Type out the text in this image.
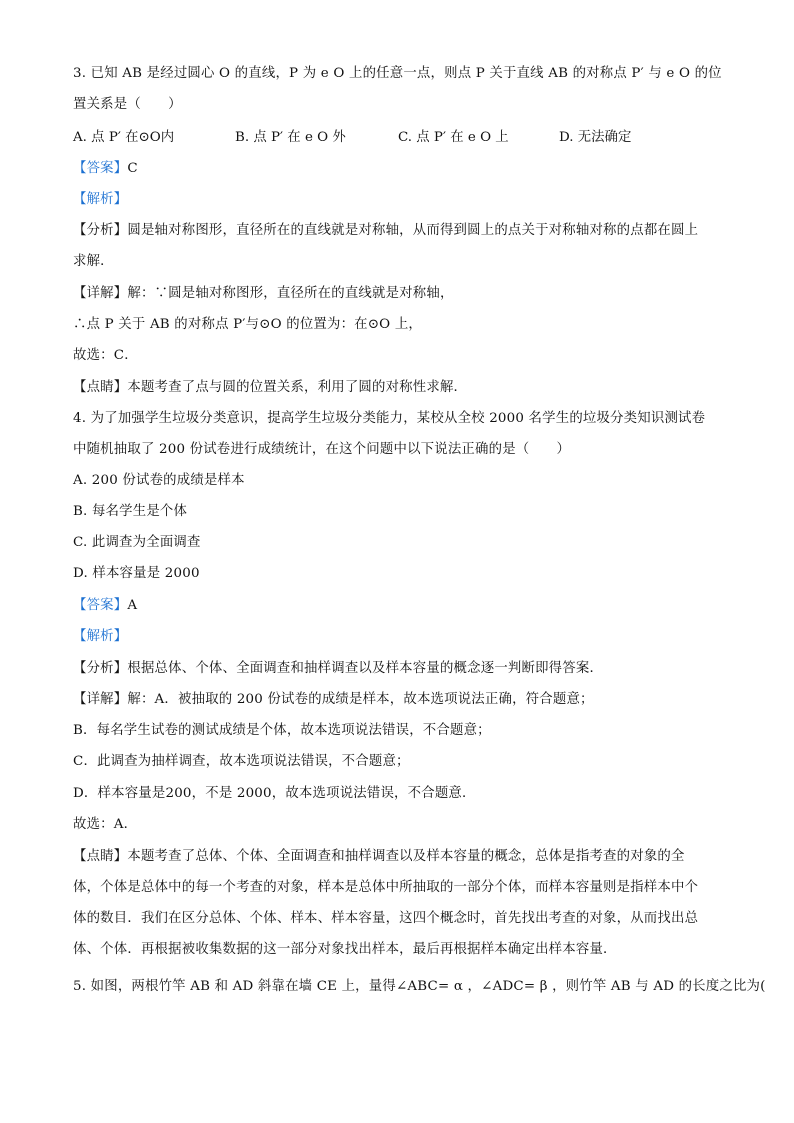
3. 已知 AB 是经过圆心 O 的直线，P 为 e O 上的任意一点，则点 P 关于直线 AB 的对称点 P′ 与 e O 的位
置关系是（　　）
A. 点 P′ 在⊙O内	B. 点 P′ 在 e O 外	C. 点 P′ 在 e O 上	D. 无法确定
【答案】C
【解析】
【分析】圆是轴对称图形，直径所在的直线就是对称轴，从而得到圆上的点关于对称轴对称的点都在圆上
求解．
【详解】解：∵圆是轴对称图形，直径所在的直线就是对称轴，
∴点 P 关于 AB 的对称点 P′与⊙O 的位置为：在⊙O 上，
故选：C．
【点睛】本题考查了点与圆的位置关系，利用了圆的对称性求解．
4. 为了加强学生垃圾分类意识，提高学生垃圾分类能力，某校从全校 2000 名学生的垃圾分类知识测试卷
中随机抽取了 200 份试卷进行成绩统计，在这个问题中以下说法正确的是（　　）
A. 200 份试卷的成绩是样本
B. 每名学生是个体
C. 此调查为全面调查
D. 样本容量是 2000
【答案】A
【解析】
【分析】根据总体、个体、全面调查和抽样调查以及样本容量的概念逐一判断即得答案．
【详解】解：A．被抽取的 200 份试卷的成绩是样本，故本选项说法正确，符合题意；
B．每名学生试卷的测试成绩是个体，故本选项说法错误，不合题意；
C．此调查为抽样调查，故本选项说法错误，不合题意；
D．样本容量是200，不是 2000，故本选项说法错误，不合题意．
故选：A．
【点睛】本题考查了总体、个体、全面调查和抽样调查以及样本容量的概念，总体是指考查的对象的全
体，个体是总体中的每一个考查的对象，样本是总体中所抽取的一部分个体，而样本容量则是指样本中个
体的数目．我们在区分总体、个体、样本、样本容量，这四个概念时，首先找出考查的对象，从而找出总
体、个体．再根据被收集数据的这一部分对象找出样本，最后再根据样本确定出样本容量．
5. 如图，两根竹竿 AB 和 AD 斜靠在墙 CE 上，量得∠ABC= α ，∠ADC= β ，则竹竿 AB 与 AD 的长度之比为(
